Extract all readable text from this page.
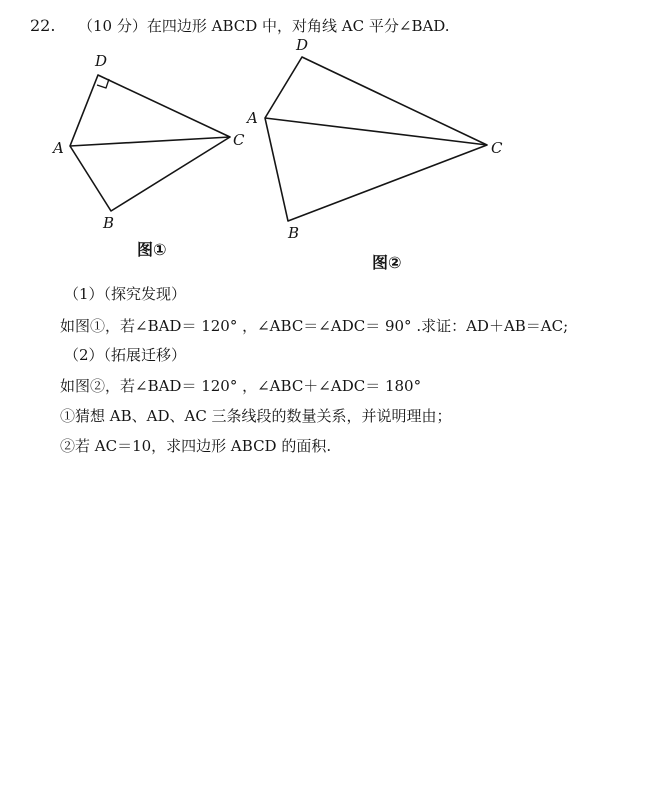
22. （10 分）在四边形 ABCD 中，对角线 AC 平分∠BAD.
D
A	C
B
图①
D
A
C
B
图②
（1）（探究发现）
如图①，若∠BAD＝ 120° ，∠ABC＝∠ADC＝ 90° .求证：AD＋AB＝AC;
（2）（拓展迁移）
如图②，若∠BAD＝ 120° ，∠ABC＋∠ADC＝ 180°
①猜想 AB、AD、AC 三条线段的数量关系，并说明理由；
②若 AC＝10，求四边形 ABCD 的面积.
